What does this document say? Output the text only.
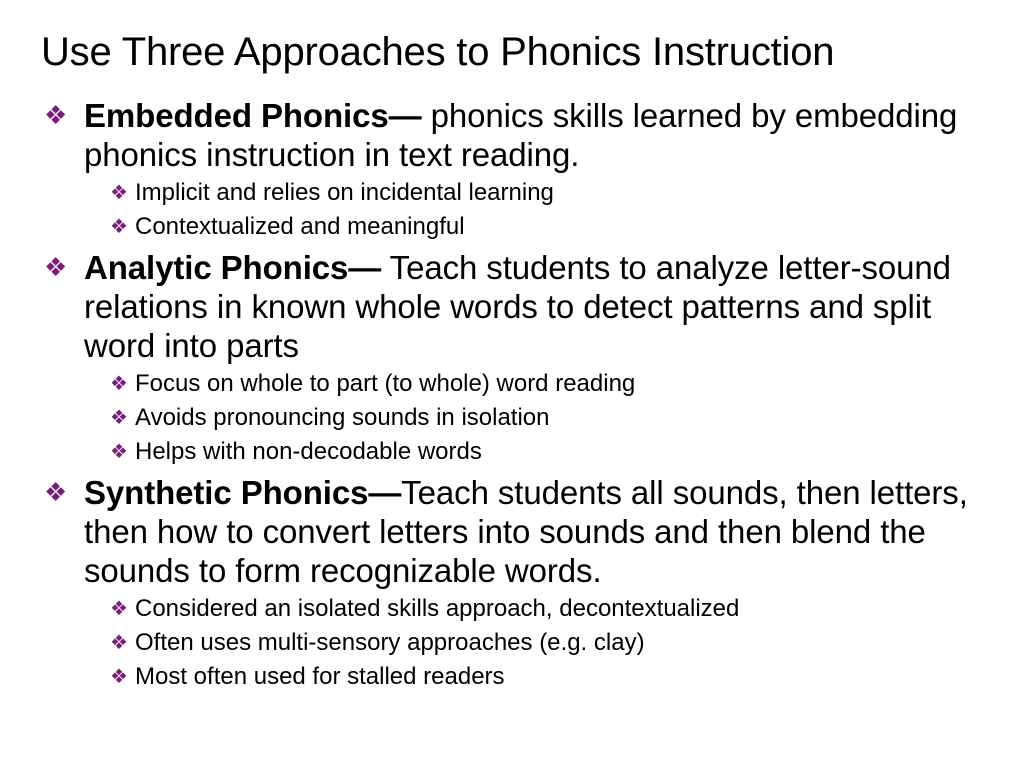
Use Three Approaches to Phonics Instruction
❖ Embedded Phonics— phonics skills learned by embedding phonics instruction in text reading.
❖ Implicit and relies on incidental learning
❖ Contextualized and meaningful
❖ Analytic Phonics— Teach students to analyze letter-sound relations in known whole words to detect patterns and split word into parts
❖ Focus on whole to part (to whole) word reading
❖ Avoids pronouncing sounds in isolation
❖ Helps with non-decodable words
❖ Synthetic Phonics—Teach students all sounds, then letters, then how to convert letters into sounds and then blend the sounds to form recognizable words.
❖ Considered an isolated skills approach, decontextualized
❖ Often uses multi-sensory approaches (e.g. clay)
❖ Most often used for stalled readers
